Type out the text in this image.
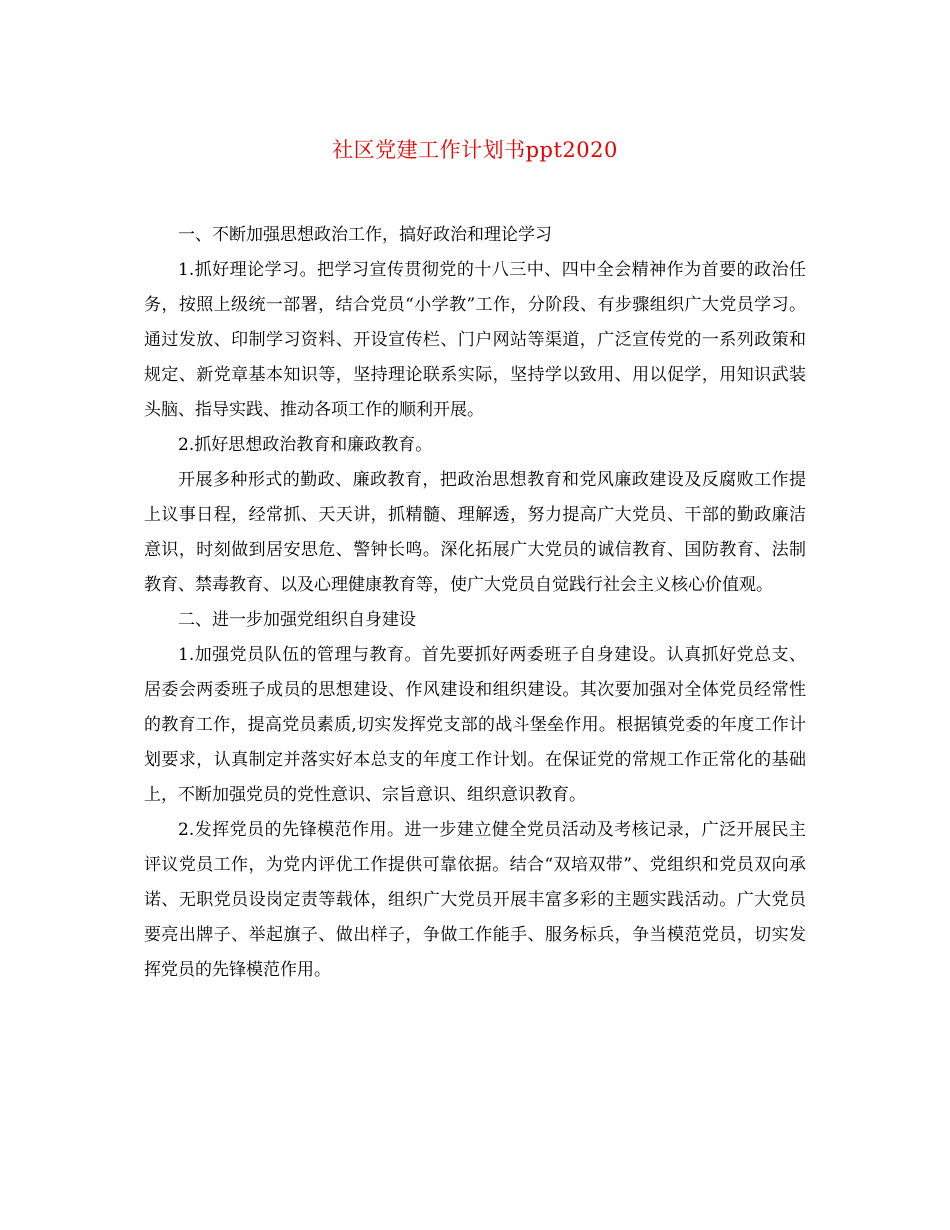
社区党建工作计划书ppt2020

一、不断加强思想政治工作，搞好政治和理论学习

1.抓好理论学习。把学习宣传贯彻党的十八三中、四中全会精神作为首要的政治任务，按照上级统一部署，结合党员“小学教”工作，分阶段、有步骤组织广大党员学习。通过发放、印制学习资料、开设宣传栏、门户网站等渠道，广泛宣传党的一系列政策和规定、新党章基本知识等，坚持理论联系实际，坚持学以致用、用以促学，用知识武装头脑、指导实践、推动各项工作的顺利开展。

2.抓好思想政治教育和廉政教育。

开展多种形式的勤政、廉政教育，把政治思想教育和党风廉政建设及反腐败工作提上议事日程，经常抓、天天讲，抓精髓、理解透，努力提高广大党员、干部的勤政廉洁意识，时刻做到居安思危、警钟长鸣。深化拓展广大党员的诚信教育、国防教育、法制教育、禁毒教育、以及心理健康教育等，使广大党员自觉践行社会主义核心价值观。

二、进一步加强党组织自身建设

1.加强党员队伍的管理与教育。首先要抓好两委班子自身建设。认真抓好党总支、居委会两委班子成员的思想建设、作风建设和组织建设。其次要加强对全体党员经常性的教育工作，提高党员素质,切实发挥党支部的战斗堡垒作用。根据镇党委的年度工作计划要求，认真制定并落实好本总支的年度工作计划。在保证党的常规工作正常化的基础上，不断加强党员的党性意识、宗旨意识、组织意识教育。

2.发挥党员的先锋模范作用。进一步建立健全党员活动及考核记录，广泛开展民主评议党员工作，为党内评优工作提供可靠依据。结合“双培双带”、党组织和党员双向承诺、无职党员设岗定责等载体，组织广大党员开展丰富多彩的主题实践活动。广大党员要亮出牌子、举起旗子、做出样子，争做工作能手、服务标兵，争当模范党员，切实发挥党员的先锋模范作用。
